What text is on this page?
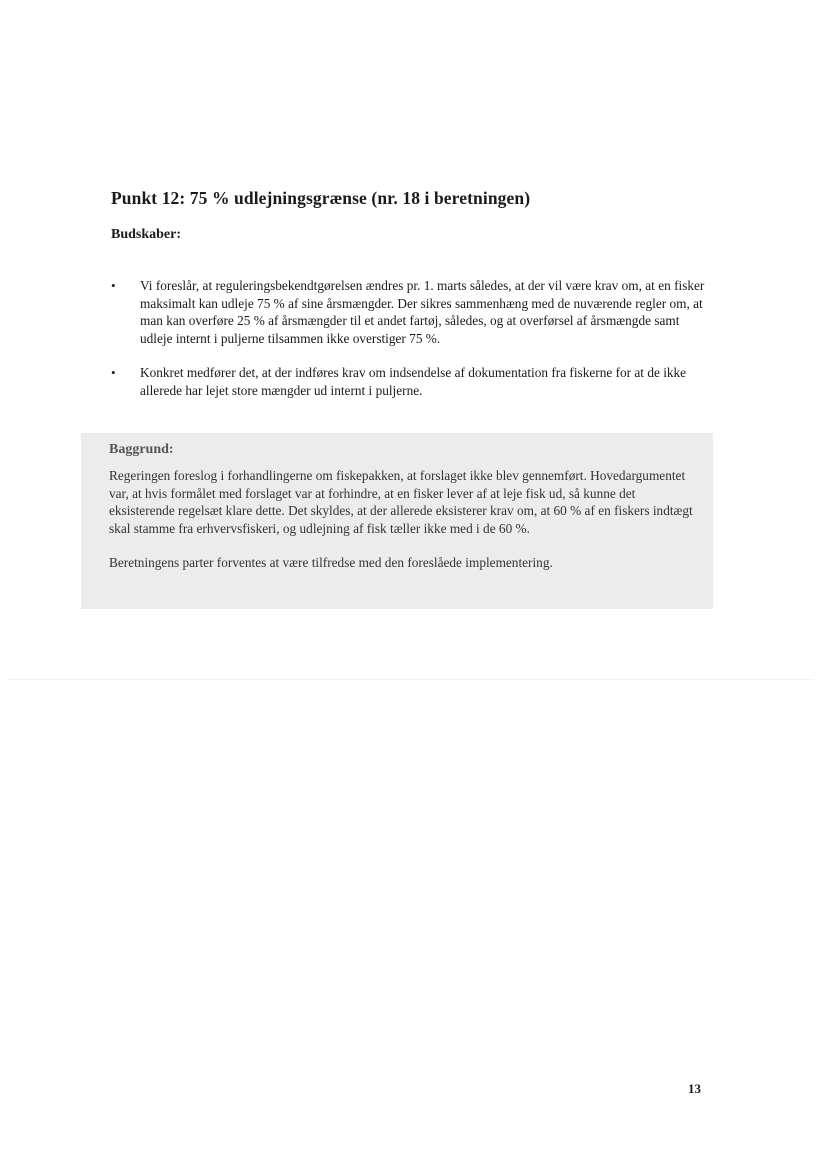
Punkt 12: 75 % udlejningsgrænse (nr. 18 i beretningen)
Budskaber:
• Vi foreslår, at reguleringsbekendtgørelsen ændres pr. 1. marts således, at der vil være krav om, at en fisker maksimalt kan udleje 75 % af sine årsmængder. Der sikres sammenhæng med de nuværende regler om, at man kan overføre 25 % af årsmængder til et andet fartøj, således, og at overførsel af årsmængde samt udleje internt i puljerne tilsammen ikke overstiger 75 %.
• Konkret medfører det, at der indføres krav om indsendelse af dokumentation fra fiskerne for at de ikke allerede har lejet store mængder ud internt i puljerne.
Baggrund:

Regeringen foreslog i forhandlingerne om fiskepakken, at forslaget ikke blev gennemført. Hovedargumentet var, at hvis formålet med forslaget var at forhindre, at en fisker lever af at leje fisk ud, så kunne det eksisterende regelsæt klare dette. Det skyldes, at der allerede eksisterer krav om, at 60 % af en fiskers indtægt skal stamme fra erhvervsfiskeri, og udlejning af fisk tæller ikke med i de 60 %.

Beretningens parter forventes at være tilfredse med den foreslåede implementering.

13
